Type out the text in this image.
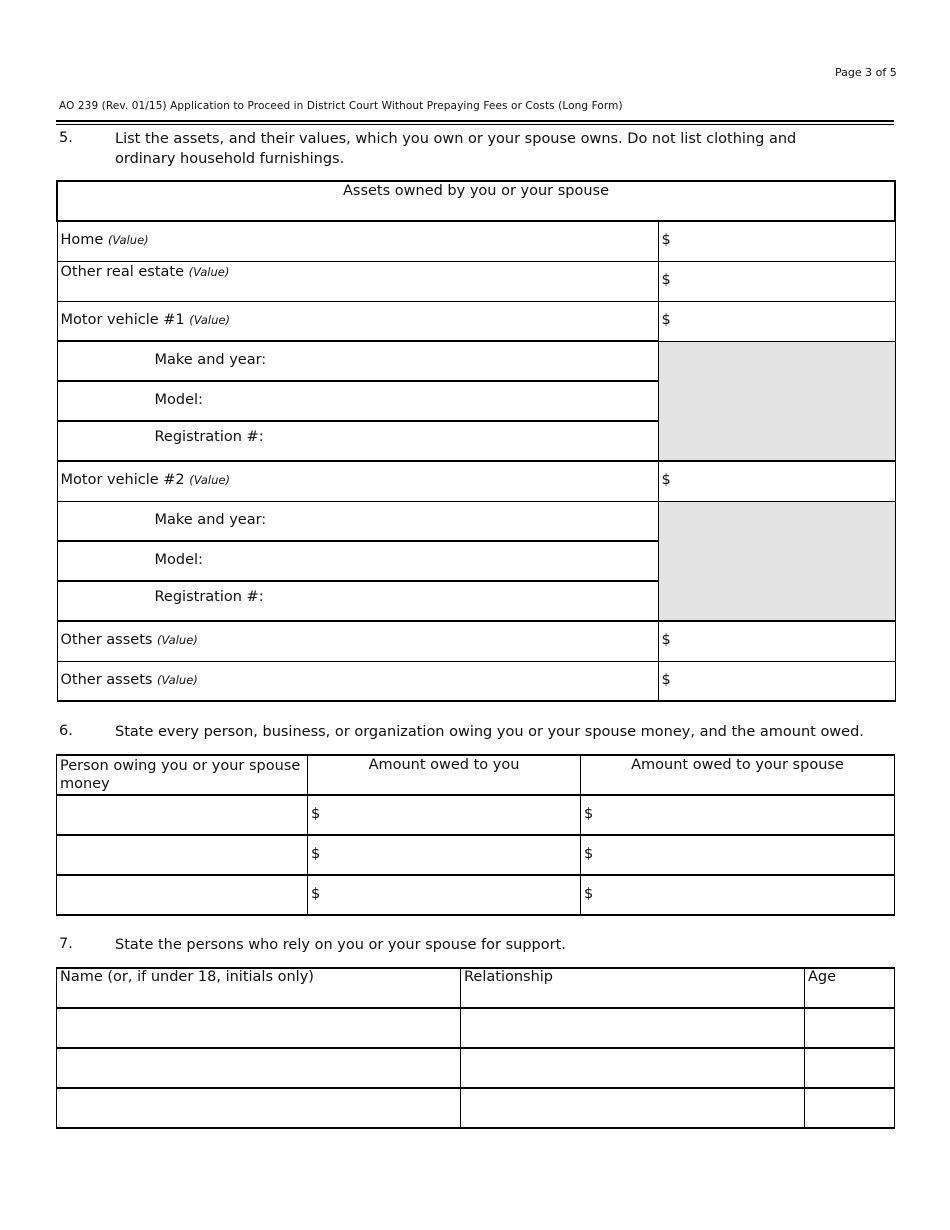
Page 3 of 5
AO 239 (Rev. 01/15) Application to Proceed in District Court Without Prepaying Fees or Costs (Long Form)
5.	List the assets, and their values, which you own or your spouse owns. Do not list clothing and ordinary household furnishings.
Assets owned by you or your spouse		
Home (Value)	$	
Other real estate (Value)	$	
Motor vehicle #1 (Value)	$	
Make and year:		
Model:		
Registration #:		
Motor vehicle #2 (Value)	$	
Make and year:		
Model:		
Registration #:		
Other assets (Value)	$	
Other assets (Value)	$	
6.	State every person, business, or organization owing you or your spouse money, and the amount owed.
Person owing you or your spouse money	Amount owed to you	Amount owed to your spouse
	$	$
	$	$
	$	$
7.	State the persons who rely on you or your spouse for support.
Name (or, if under 18, initials only)	Relationship	Age
